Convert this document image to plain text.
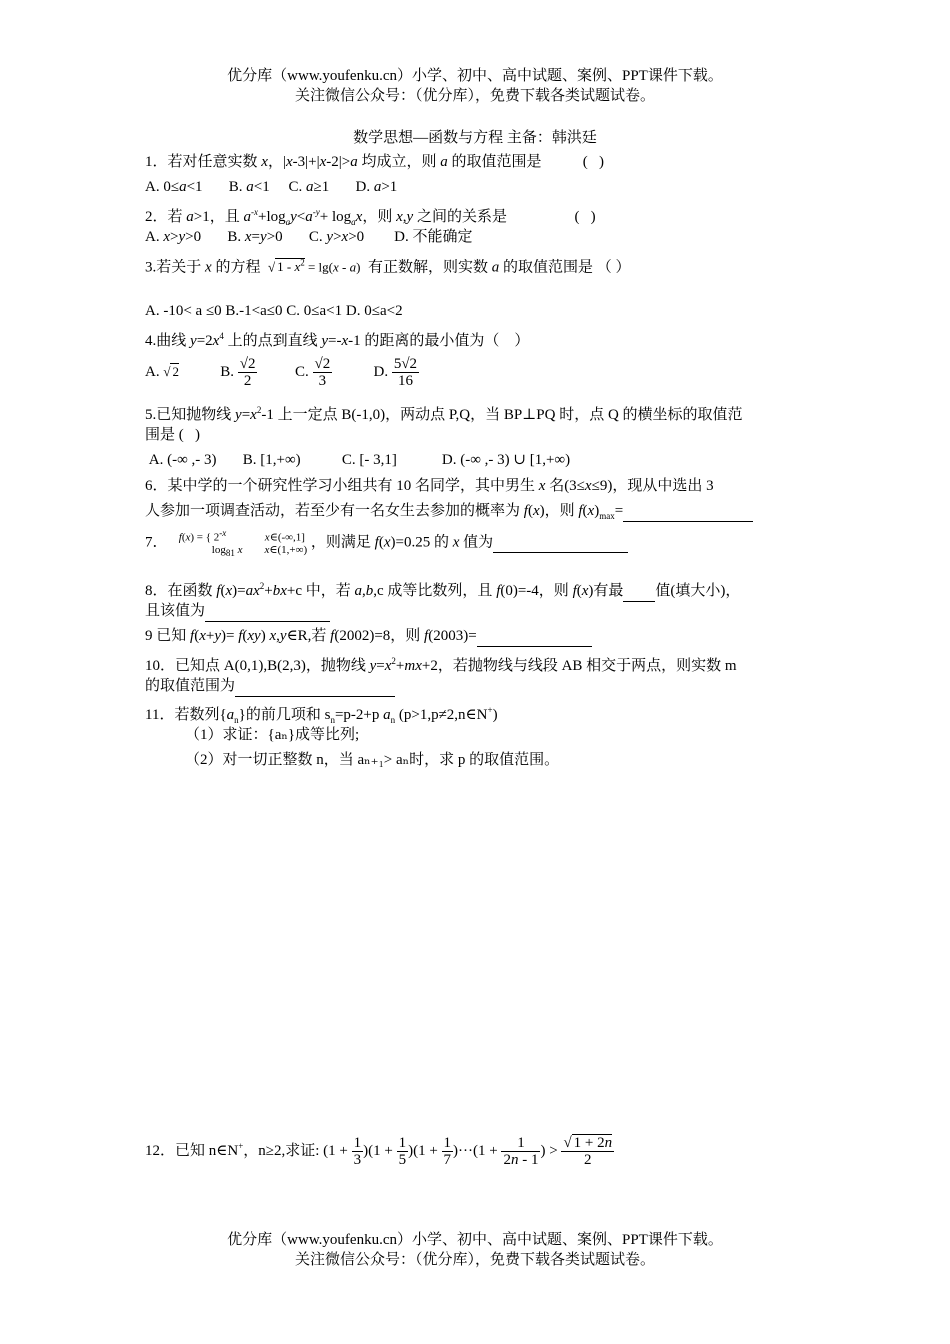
优分库（www.youfenku.cn）小学、初中、高中试题、案例、PPT课件下载。
关注微信公众号：（优分库），免费下载各类试题试卷。
数学思想—函数与方程 主备：韩洪廷
1．若对任意实数 x，|x-3|+|x-2|>a 均成立，则 a 的取值范围是           (   )
A. 0≤a<1       B. a<1     C. a≥1       D. a>1
2．若 a>1，且 $a^{-x}+\log_ay<a^{-y}+ \log_ax$，则 x,y 之间的关系是                  (   )
A. x>y>0       B. x=y>0       C. y>x>0        D. 不能确定
3.若关于 x 的方程  √ $1 - x^2 = \lg(x - a)$  有正数解，则实数 a 的取值范围是 （ ）
A. -10< a ≤0 B.-1<a≤0 C. 0≤a<1 D. 0≤a<2
4.曲线 $y=2x^4$ 上的点到直线 y=-x-1 的距离的最小值为（    ）
A. √ 2           B. $\frac{√2}{2} C$. $\frac{√2}{3} D$. $\frac{5√2}{16}$
5.已知抛物线 $y=x^2-1$ 上一定点 B(-1,0)，两动点 P,Q，当 BP⊥PQ 时，点 Q 的横坐标的取值范
围是 (   )
A. (-∞ ,- 3)       B. [1,+∞)           C. [- 3,1]            D. (-∞ ,- 3) ∪ [1,+∞)
6．某中学的一个研究性学习小组共有 10 名同学，其中男生 x 名(3≤x≤9)，现从中选出 3
人参加一项调查活动，若至少有一名女生去参加的概率为 f(x)，则 $f(x)_{max}=$
7．   f(x) = { $2^{-x}$	x∈(-∞,1]
$\log_{81} x$ x∈(1,+∞) ，则满足 f(x)=0.25 的 x 值为
8．在函数 $f(x)=ax^2+bx+c$ 中，若 a,b,c 成等比数列，且 f(0)=-4，则 f(x)有最 值(填大小)，
且该值为
9 已知 f(x+y)= f(xy) x,y∈R,若 f(2002)=8，则 f(2003)=
10．已知点 A(0,1),B(2,3)，抛物线 $y=x^2+mx+2$，若抛物线与线段 AB 相交于两点，则实数 m
的取值范围为
11．若数列$\{a_n\}$的前几项和 $s_n=p-2+p$ $a_n$ (p>1,p≠2,n∈N+)
（1）求证：{aₙ}成等比列;
（2）对一切正整数 n，当 aₙ₊₁> aₙ时，求 p 的取值范围。
12．已知 n∈N+，n≥2,求证: $(1 + \frac{1}{3} )(1 + \frac{1}{5} )(1 + \frac{1}{7} )\cdot\cdot\cdot(1 + \frac{1}{2n - 1}$ ) > $\frac{√ 1 + 2n}{2}$
优分库（www.youfenku.cn）小学、初中、高中试题、案例、PPT课件下载。
关注微信公众号：（优分库），免费下载各类试题试卷。
